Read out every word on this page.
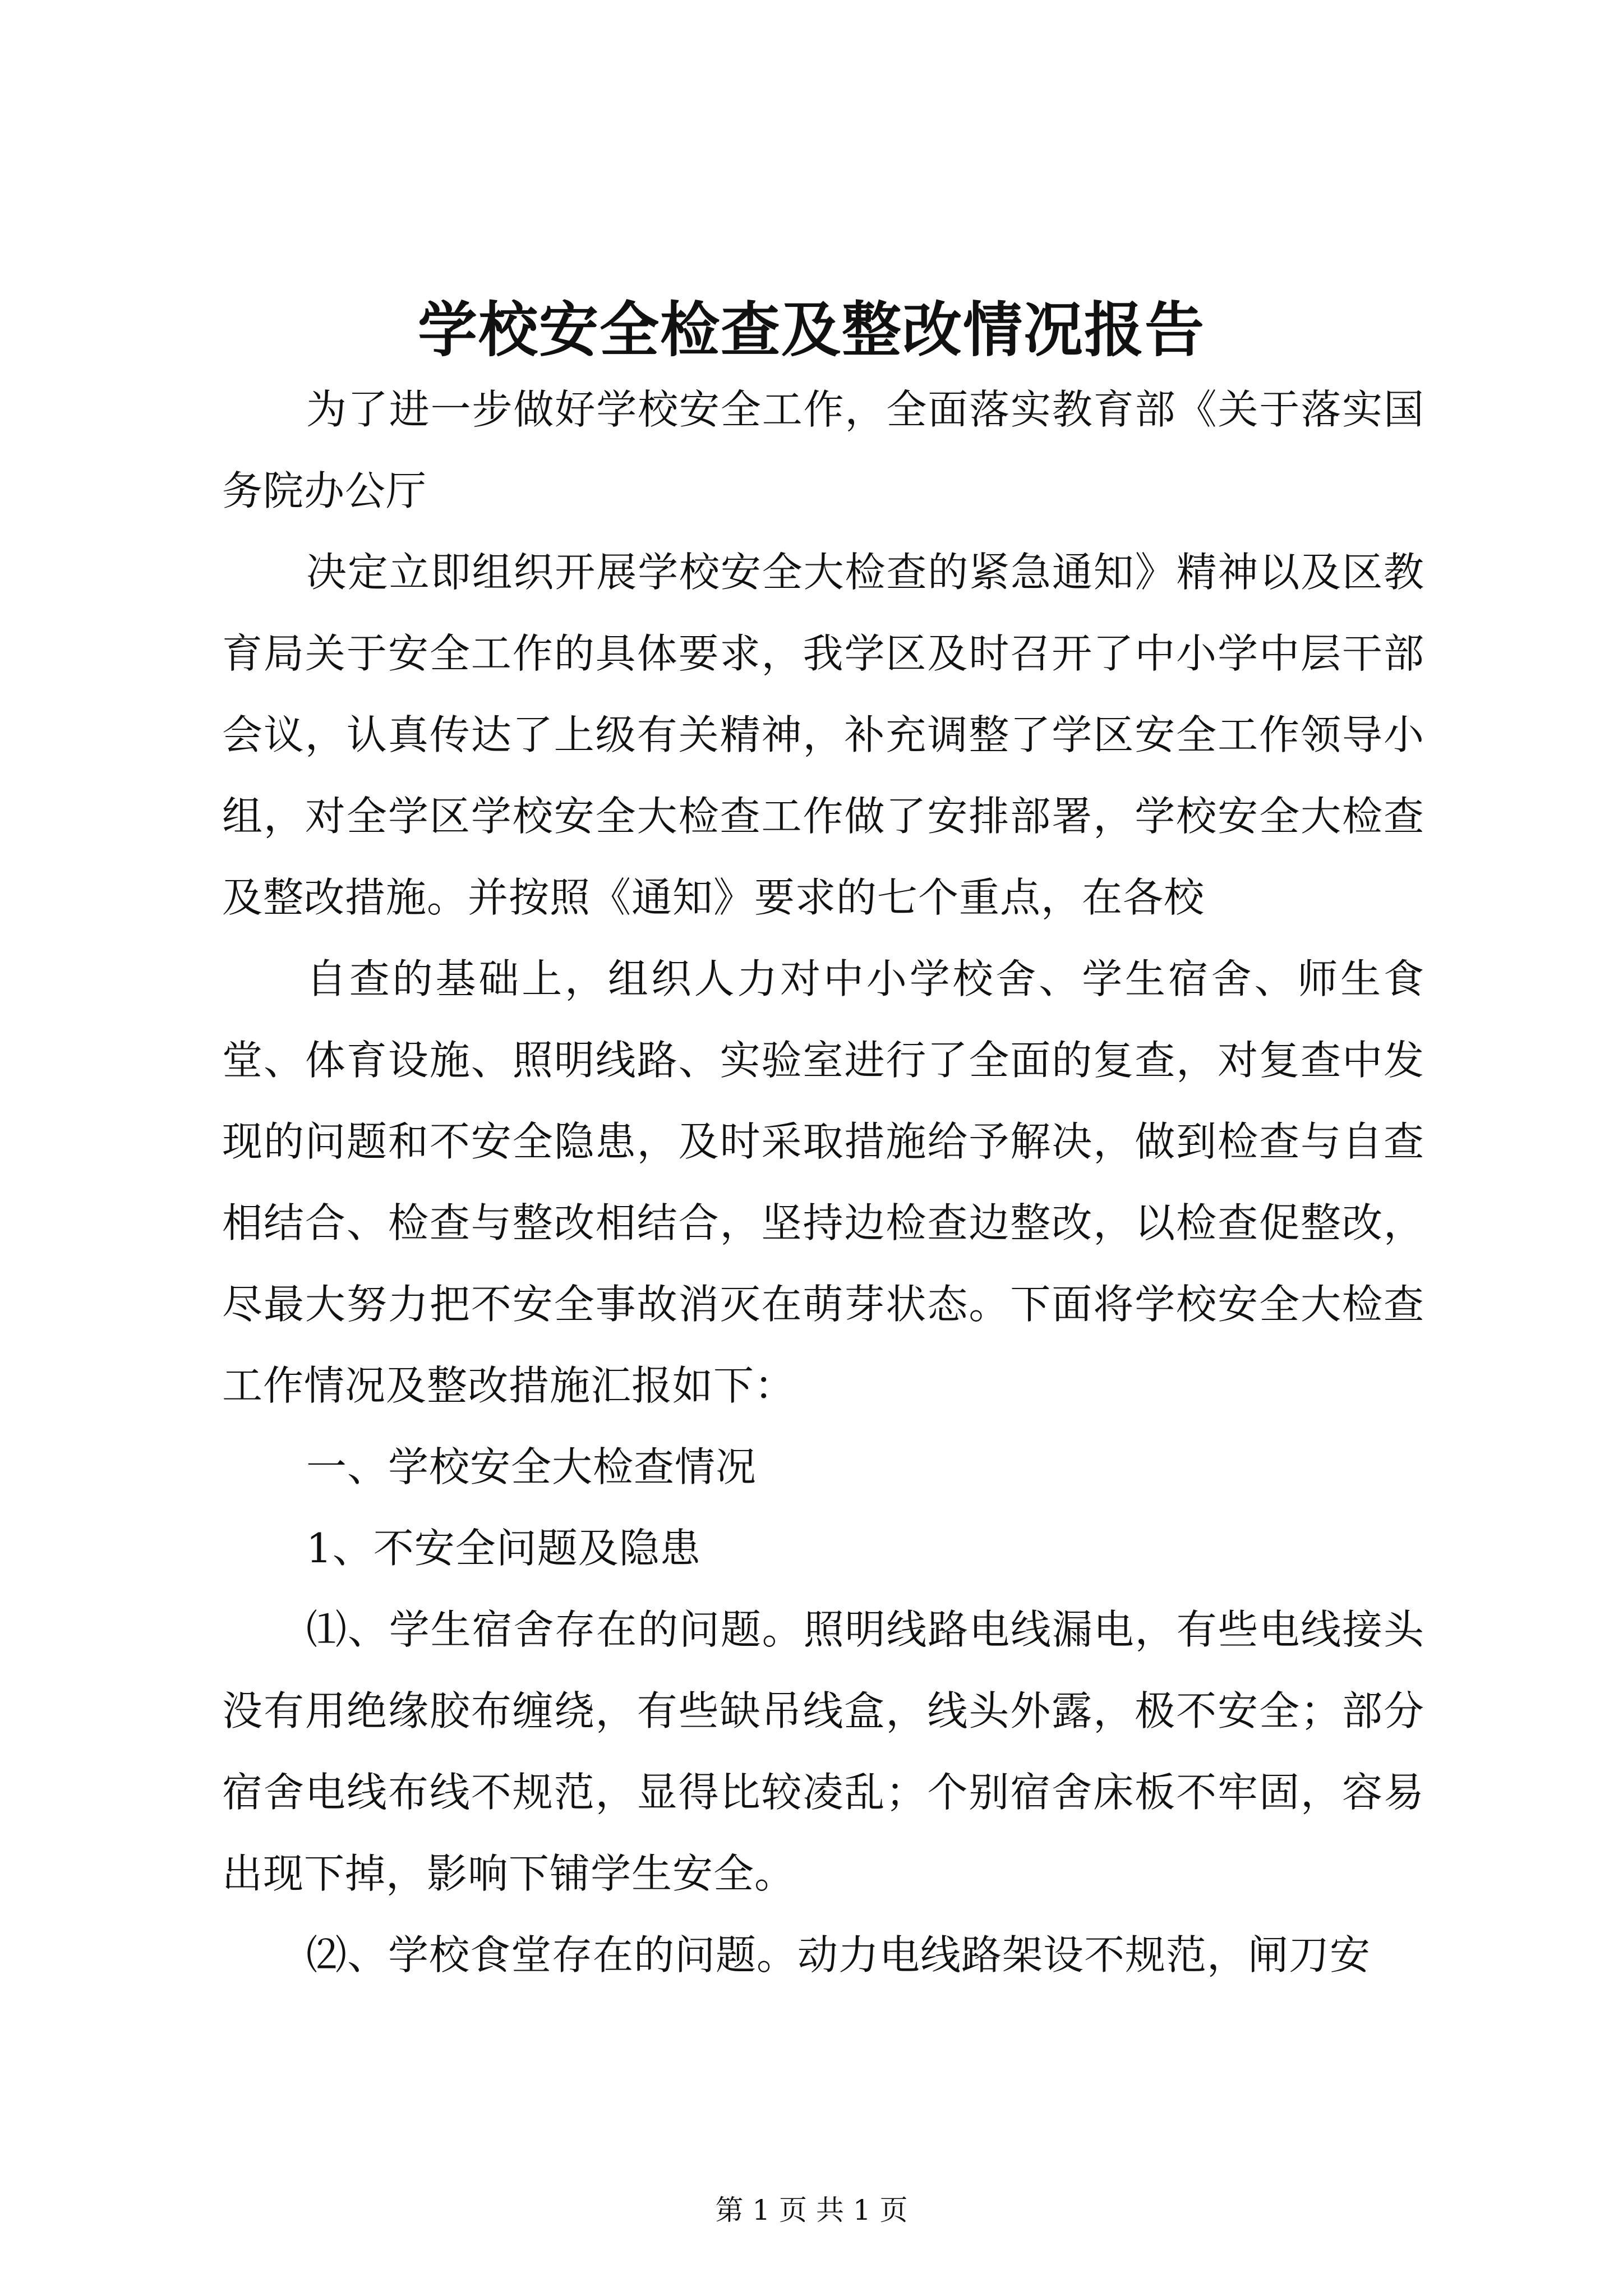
学校安全检查及整改情况报告

为了进一步做好学校安全工作，全面落实教育部《关于落实国务院办公厅

决定立即组织开展学校安全大检查的紧急通知》精神以及区教育局关于安全工作的具体要求，我学区及时召开了中小学中层干部会议，认真传达了上级有关精神，补充调整了学区安全工作领导小组，对全学区学校安全大检查工作做了安排部署，学校安全大检查及整改措施。并按照《通知》要求的七个重点，在各校

自查的基础上，组织人力对中小学校舍、学生宿舍、师生食堂、体育设施、照明线路、实验室进行了全面的复查，对复查中发现的问题和不安全隐患，及时采取措施给予解决，做到检查与自查相结合、检查与整改相结合，坚持边检查边整改，以检查促整改，尽最大努力把不安全事故消灭在萌芽状态。下面将学校安全大检查工作情况及整改措施汇报如下：

一、学校安全大检查情况

1、不安全问题及隐患

⑴、学生宿舍存在的问题。照明线路电线漏电，有些电线接头没有用绝缘胶布缠绕，有些缺吊线盒，线头外露，极不安全；部分宿舍电线布线不规范，显得比较凌乱；个别宿舍床板不牢固，容易出现下掉，影响下铺学生安全。

⑵、学校食堂存在的问题。动力电线路架设不规范，闸刀安

第 1 页 共 1 页
